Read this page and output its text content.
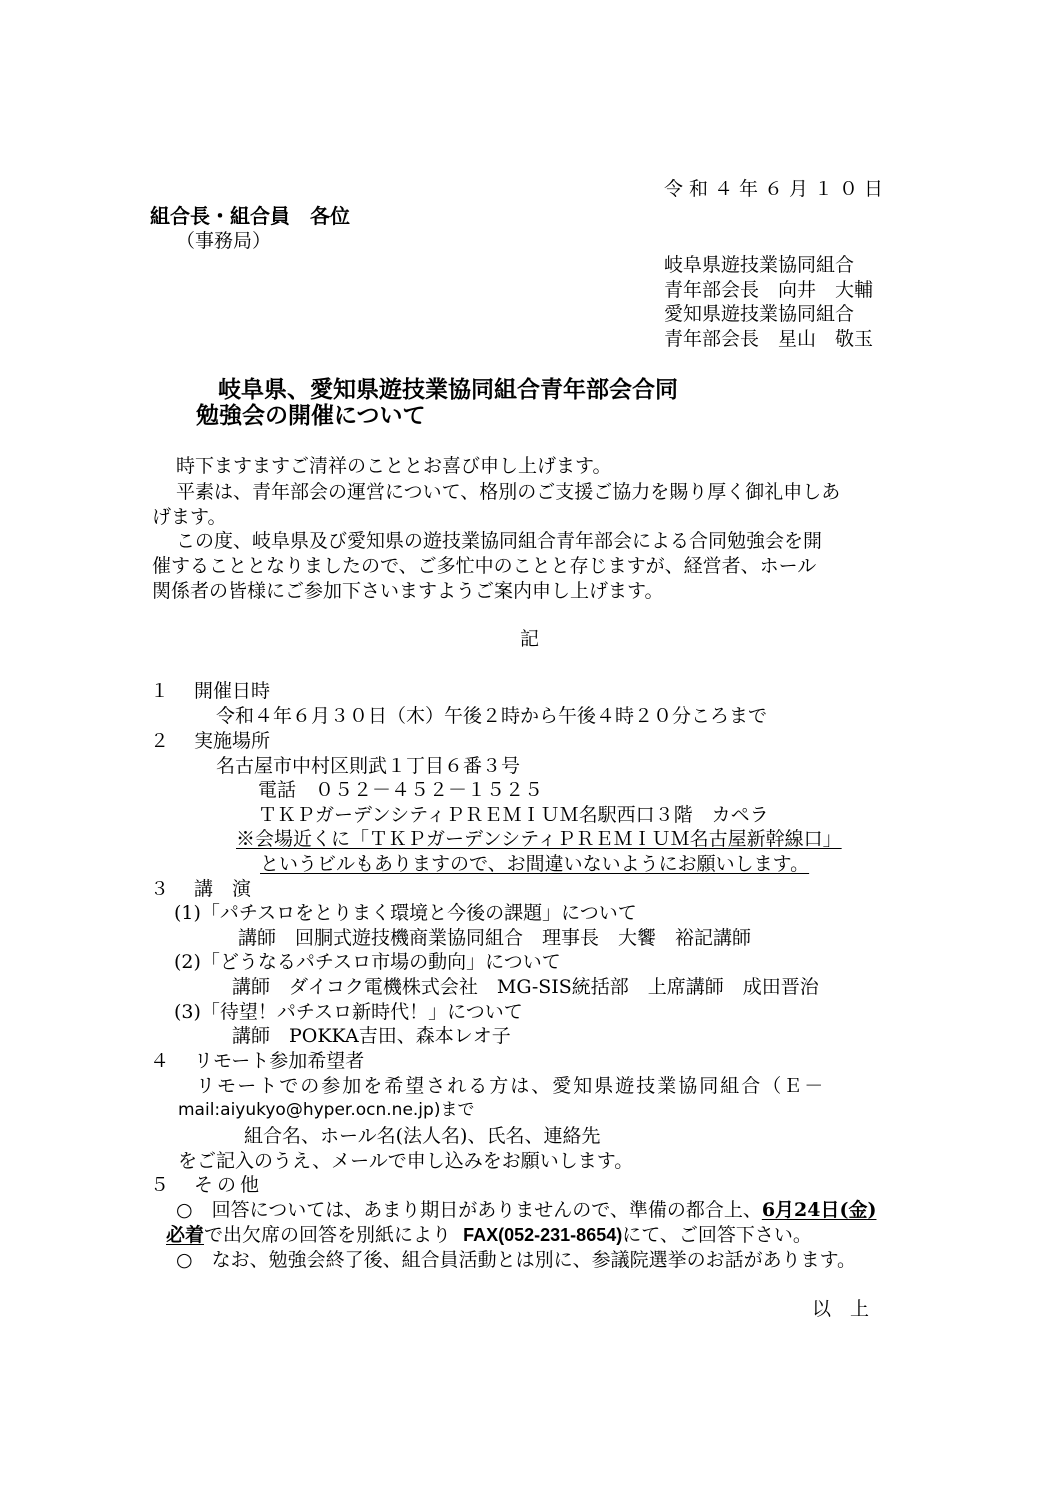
令和４年６月１０日
組合長・組合員　各位
（事務局）
岐阜県遊技業協同組合
青年部会長　向井　大輔
愛知県遊技業協同組合
青年部会長　星山　敬玉
岐阜県、愛知県遊技業協同組合青年部会合同
勉強会の開催について
時下ますますご清祥のこととお喜び申し上げます。
平素は、青年部会の運営について、格別のご支援ご協力を賜り厚く御礼申しあ
げます。
この度、岐阜県及び愛知県の遊技業協同組合青年部会による合同勉強会を開
催することとなりましたので、ご多忙中のことと存じますが、経営者、ホール
関係者の皆様にご参加下さいますようご案内申し上げます。
記
１ 開催日時
令和４年６月３０日（木）午後２時から午後４時２０分ころまで
２ 実施場所
名古屋市中村区則武１丁目６番３号
電話　０５２－４５２－１５２５
ＴＫＰガーデンシティＰＲＥＭＩＵＭ名駅西口３階　カペラ
※会場近くに「ＴＫＰガーデンシティＰＲＥＭＩＵＭ名古屋新幹線口」
というビルもありますので、お間違いないようにお願いします。
３ 講　演
(1)「パチスロをとりまく環境と今後の課題」について
講師　回胴式遊技機商業協同組合　理事長　大饗　裕記講師
(2)「どうなるパチスロ市場の動向」について
講師　ダイコク電機株式会社　MG-SIS統括部　上席講師　成田晋治
(3)「待望！パチスロ新時代！」について
講師　POKKA吉田、森本レオ子
４ リモート参加希望者
リモートでの参加を希望される方は、愛知県遊技業協同組合（Ｅ－
mail:aiyukyo@hyper.ocn.ne.jp)まで
組合名、ホール名(法人名)、氏名、連絡先
をご記入のうえ、メールで申し込みをお願いします。
５ その他
○　回答については、あまり期日がありませんので、準備の都合上、6月24日(金)
必着で出欠席の回答を別紙により FAX(052-231-8654)にて、ご回答下さい。
○　なお、勉強会終了後、組合員活動とは別に、参議院選挙のお話があります。
以　上
